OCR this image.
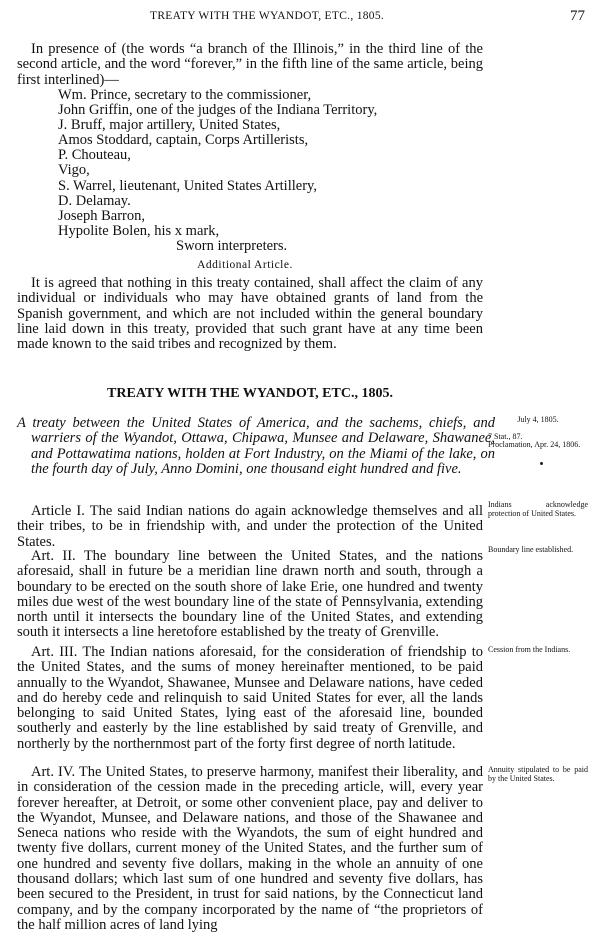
TREATY WITH THE WYANDOT, ETC., 1805.	77
In presence of (the words “a branch of the Illinois,” in the third line of the second article, and the word “forever,” in the fifth line of the same article, being first interlined)—
Wm. Prince, secretary to the commissioner,
John Griffin, one of the judges of the Indiana Territory,
J. Bruff, major artillery, United States,
Amos Stoddard, captain, Corps Artillerists,
P. Chouteau,
Vigo,
S. Warrel, lieutenant, United States Artillery,
D. Delamay.
Joseph Barron,
Hypolite Bolen, his x mark,
Sworn interpreters.
Additional Article.
It is agreed that nothing in this treaty contained, shall affect the claim of any individual or individuals who may have obtained grants of land from the Spanish government, and which are not included within the general boundary line laid down in this treaty, provided that such grant have at any time been made known to the said tribes and recognized by them.
TREATY WITH THE WYANDOT, ETC., 1805.
A treaty between the United States of America, and the sachems, chiefs, and warriers of the Wyandot, Ottawa, Chipawa, Munsee and Delaware, Shawanee, and Pottawatima nations, holden at Fort Industry, on the Miami of the lake, on the fourth day of July, Anno Domini, one thousand eight hundred and five.
Article I. The said Indian nations do again acknowledge themselves and all their tribes, to be in friendship with, and under the protection of the United States.
Art. II. The boundary line between the United States, and the nations aforesaid, shall in future be a meridian line drawn north and south, through a boundary to be erected on the south shore of lake Erie, one hundred and twenty miles due west of the west boundary line of the state of Pennsylvania, extending north until it intersects the boundary line of the United States, and extending south it intersects a line heretofore established by the treaty of Grenville.
Art. III. The Indian nations aforesaid, for the consideration of friendship to the United States, and the sums of money hereinafter mentioned, to be paid annually to the Wyandot, Shawanee, Munsee and Delaware nations, have ceded and do hereby cede and relinquish to said United States for ever, all the lands belonging to said United States, lying east of the aforesaid line, bounded southerly and easterly by the line established by said treaty of Grenville, and northerly by the northernmost part of the forty first degree of north latitude.
Art. IV. The United States, to preserve harmony, manifest their liberality, and in consideration of the cession made in the preceding article, will, every year forever hereafter, at Detroit, or some other convenient place, pay and deliver to the Wyandot, Munsee, and Delaware nations, and those of the Shawanee and Seneca nations who reside with the Wyandots, the sum of eight hundred and twenty five dollars, current money of the United States, and the further sum of one hundred and seventy five dollars, making in the whole an annuity of one thousand dollars; which last sum of one hundred and seventy five dollars, has been secured to the President, in trust for said nations, by the Connecticut land company, and by the company incorporated by the name of “the proprietors of the half million acres of land lying
July 4, 1805.
7 Stat., 87.
Proclamation, Apr. 24, 1806.
Indians acknowledge protection of United States.
Boundary line established.
Cession from the Indians.
Annuity stipulated to be paid by the United States.
